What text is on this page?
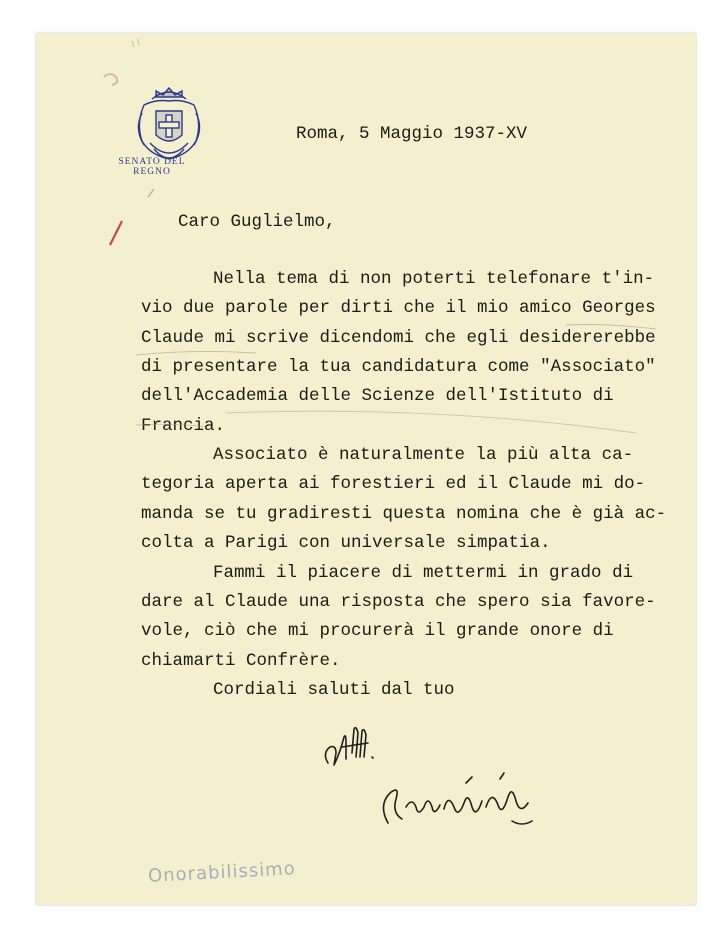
SENATO DEL REGNO
Roma, 5 Maggio 1937-XV
Caro Guglielmo,
Nella tema di non poterti telefonare t'in-
vio due parole per dirti che il mio amico Georges
Claude mi scrive dicendomi che egli desidererebbe
di presentare la tua candidatura come "Associato"
dell'Accademia delle Scienze dell'Istituto di
Francia.
Associato è naturalmente la più alta ca-
tegoria aperta ai forestieri ed il Claude mi do-
manda se tu gradiresti questa nomina che è già ac-
colta a Parigi con universale simpatia.
Fammi il piacere di mettermi in grado di
dare al Claude una risposta che spero sia favore-
vole, ciò che mi procurerà il grande onore di
chiamarti Confrère.
Cordiali saluti dal tuo
Onorabilissimo
